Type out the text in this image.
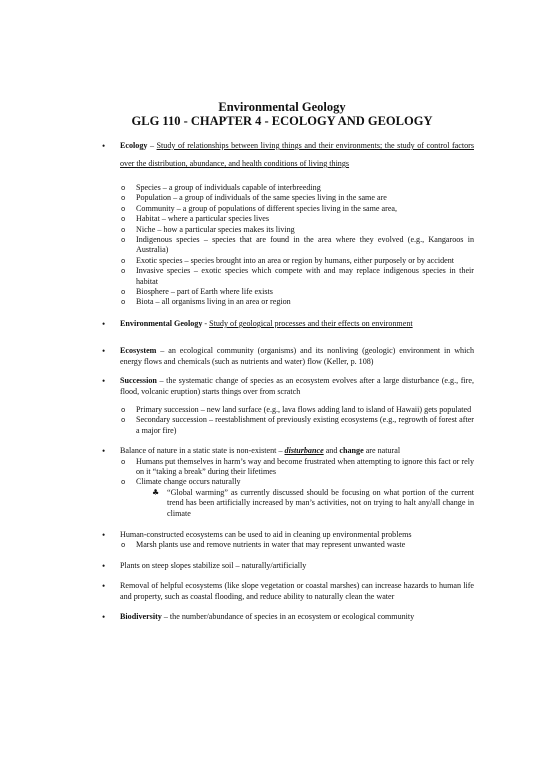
Environmental Geology
GLG 110 - CHAPTER 4 - ECOLOGY AND GEOLOGY
• Ecology – Study of relationships between living things and their environments; the study of control factors over the distribution, abundance, and health conditions of living things
o Species – a group of individuals capable of interbreeding
o Population – a group of individuals of the same species living in the same are
o Community – a group of populations of different species living in the same area,
o Habitat – where a particular species lives
o Niche – how a particular species makes its living
o Indigenous species – species that are found in the area where they evolved (e.g., Kangaroos in Australia)
o Exotic species – species brought into an area or region by humans, either purposely or by accident
o Invasive species – exotic species which compete with and may replace indigenous species in their habitat
o Biosphere – part of Earth where life exists
o Biota – all organisms living in an area or region
• Environmental Geology - Study of geological processes and their effects on environment
• Ecosystem – an ecological community (organisms) and its nonliving (geologic) environment in which energy flows and chemicals (such as nutrients and water) flow (Keller, p. 108)
• Succession – the systematic change of species as an ecosystem evolves after a large disturbance (e.g., fire, flood, volcanic eruption) starts things over from scratch
o Primary succession – new land surface (e.g., lava flows adding land to island of Hawaii) gets populated
o Secondary succession – reestablishment of previously existing ecosystems (e.g., regrowth of forest after a major fire)
• Balance of nature in a static state is non-existent – disturbance and change are natural
o Humans put themselves in harm’s way and become frustrated when attempting to ignore this fact or rely on it “taking a break” during their lifetimes
o Climate change occurs naturally
♣ “Global warming” as currently discussed should be focusing on what portion of the current trend has been artificially increased by man’s activities, not on trying to halt any/all change in climate
• Human-constructed ecosystems can be used to aid in cleaning up environmental problems
o Marsh plants use and remove nutrients in water that may represent unwanted waste
• Plants on steep slopes stabilize soil – naturally/artificially
• Removal of helpful ecosystems (like slope vegetation or coastal marshes) can increase hazards to human life and property, such as coastal flooding, and reduce ability to naturally clean the water
• Biodiversity – the number/abundance of species in an ecosystem or ecological community
